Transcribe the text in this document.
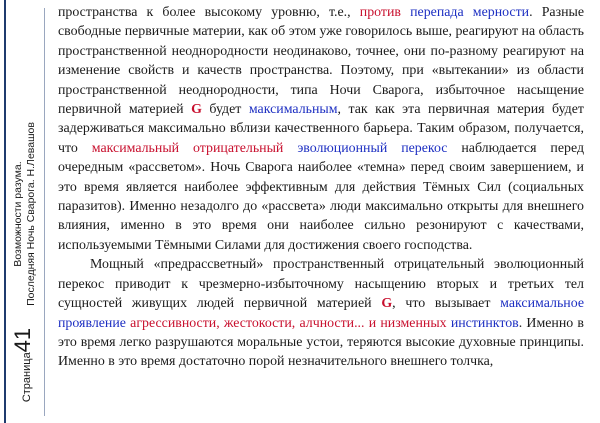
Возможности разума. Последняя Ночь Сварога. Н.Левашов
Страница41

пространства к более высокому уровню, т.е., против перепада мерности. Разные свободные первичные материи, как об этом уже говорилось выше, реагируют на область пространственной неоднородности неодинаково, точнее, они по-разному реагируют на изменение свойств и качеств пространства. Поэтому, при «вытекании» из области пространственной неоднородности, типа Ночи Сварога, избыточное насыщение первичной материей G будет максимальным, так как эта первичная материя будет задерживаться максимально вблизи качественного барьера. Таким образом, получается, что максимальный отрицательный эволюционный перекос наблюдается перед очередным «рассветом». Ночь Сварога наиболее «темна» перед своим завершением, и это время является наиболее эффективным для действия Тёмных Сил (социальных паразитов). Именно незадолго до «рассвета» люди максимально открыты для внешнего влияния, именно в это время они наиболее сильно резонируют с качествами, используемыми Тёмными Силами для достижения своего господства.

Мощный «предрассветный» пространственный отрицательный эволюционный перекос приводит к чрезмерно-избыточному насыщению вторых и третьих тел сущностей живущих людей первичной материей G, что вызывает максимальное проявление агрессивности, жестокости, алчности... и низменных инстинктов. Именно в это время легко разрушаются моральные устои, теряются высокие духовные принципы. Именно в это время достаточно порой незначительного внешнего толчка,
